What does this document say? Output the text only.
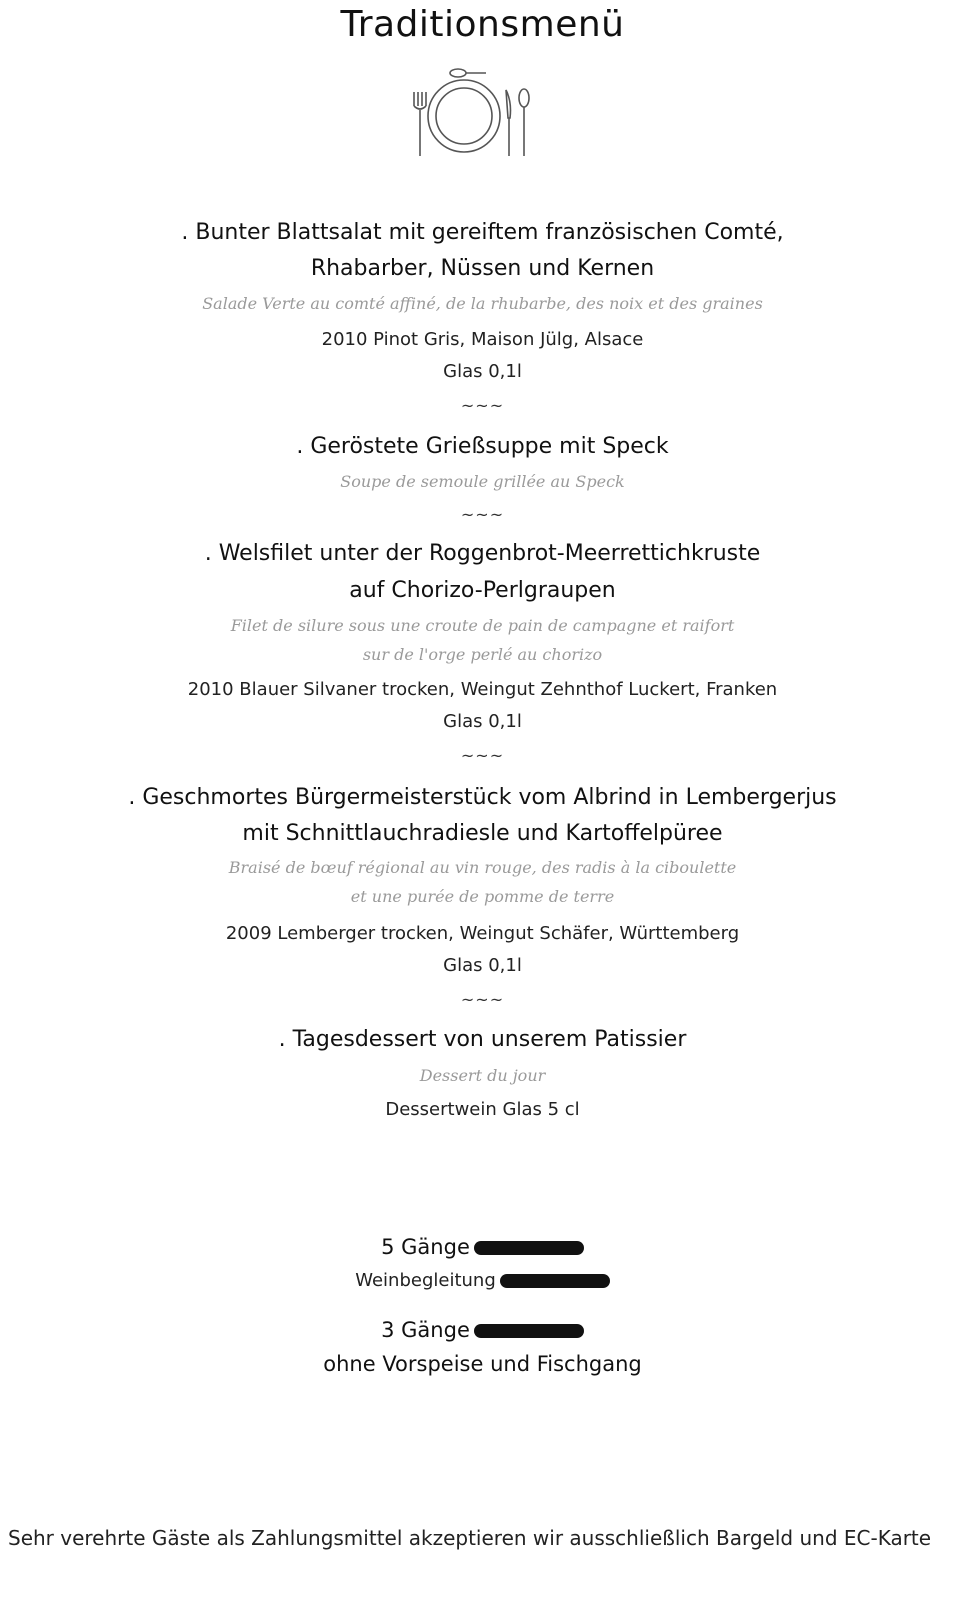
Traditionsmenü
. Bunter Blattsalat mit gereiftem französischen Comté,
Rhabarber, Nüssen und Kernen
Salade Verte au comté affiné, de la rhubarbe, des noix et des graines
2010 Pinot Gris, Maison Jülg, Alsace
Glas 0,1l
~~~
. Geröstete Grießsuppe mit Speck
Soupe de semoule grillée au Speck
~~~
. Welsfilet unter der Roggenbrot-Meerrettichkruste
auf Chorizo-Perlgraupen
Filet de silure sous une croute de pain de campagne et raifort
sur de l'orge perlé au chorizo
2010 Blauer Silvaner trocken, Weingut Zehnthof Luckert, Franken
Glas 0,1l
~~~
. Geschmortes Bürgermeisterstück vom Albrind in Lembergerjus
mit Schnittlauchradiesle und Kartoffelpüree
Braisé de bœuf régional au vin rouge, des radis à la ciboulette
et une purée de pomme de terre
2009 Lemberger trocken, Weingut Schäfer, Württemberg
Glas 0,1l
~~~
. Tagesdessert von unserem Patissier
Dessert du jour
Dessertwein Glas 5 cl
5 Gänge
Weinbegleitung
3 Gänge
ohne Vorspeise und Fischgang
Sehr verehrte Gäste als Zahlungsmittel akzeptieren wir ausschließlich Bargeld und EC-Karte
